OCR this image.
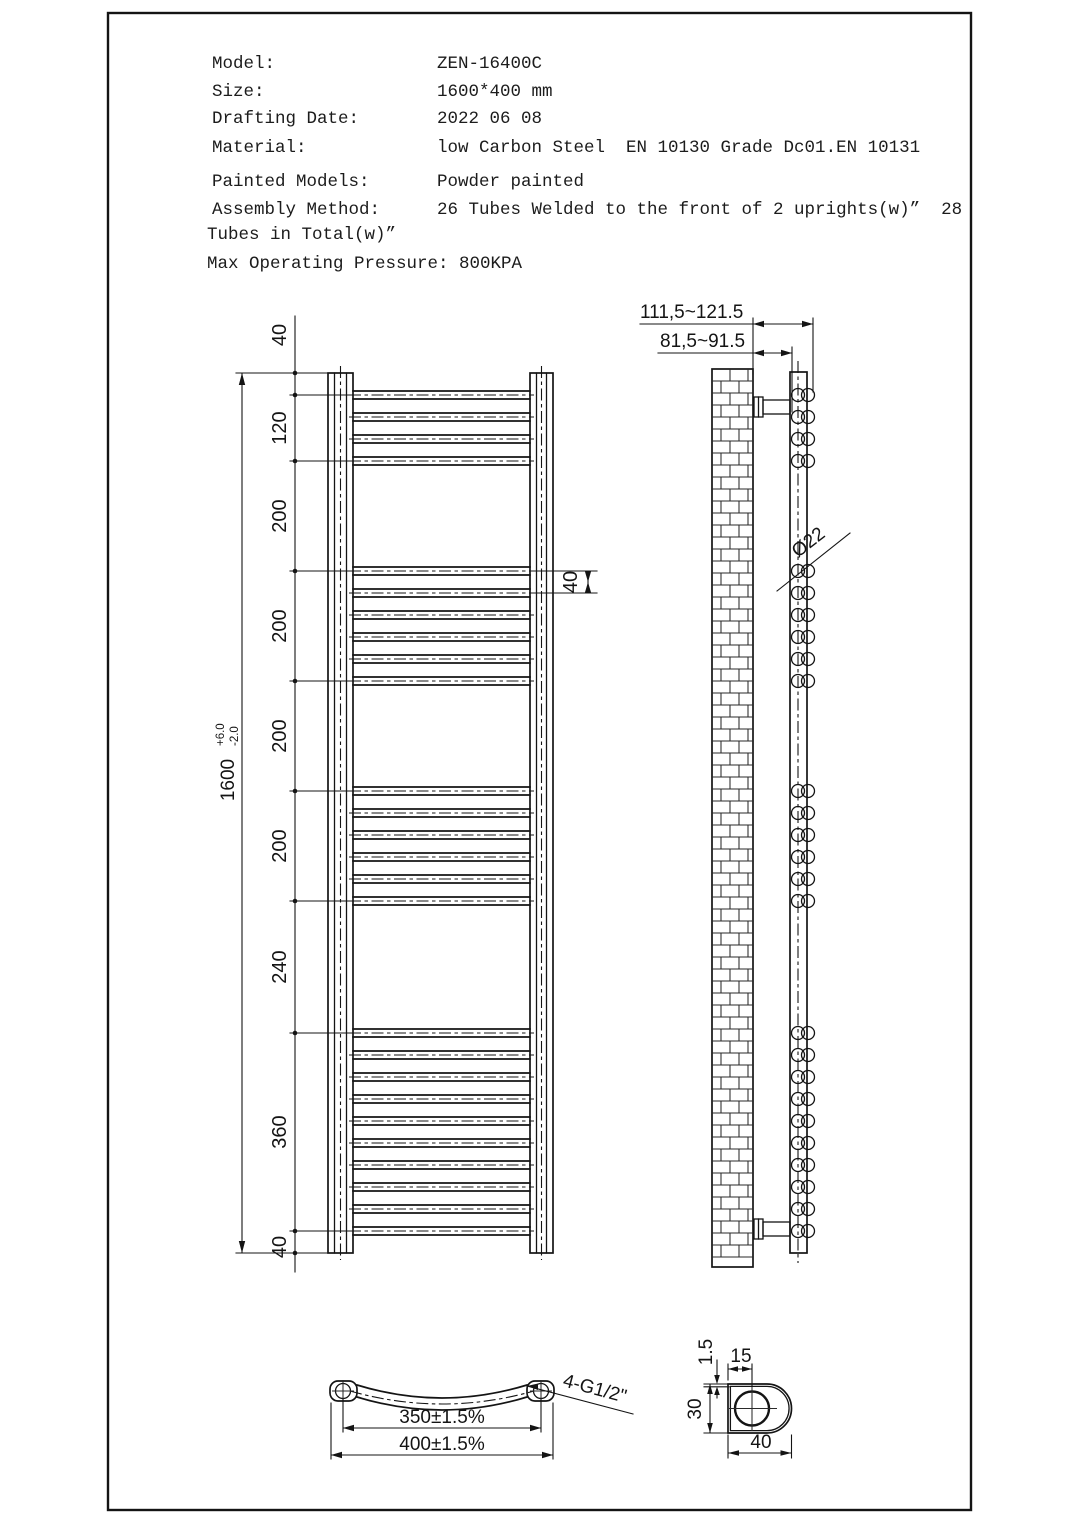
Model:	ZEN-16400C
Size:	1600*400 mm
Drafting Date:	2022 06 08
Material:	low Carbon Steel  EN 10130 Grade Dc01.EN 10131
Painted Models:	Powder painted
Assembly Method:	26 Tubes Welded to the front of 2 uprights(w)”  28
Tubes in Total(w)”
Max Operating Pressure: 800KPA
1600
+6.0 -2.0
40
120
200
200
200
200
240
360
40
40
111,5~121.5
81,5~91.5
Ø22
350±1.5%
400±1.5%
4-G1/2"
15
1.5
30
40
